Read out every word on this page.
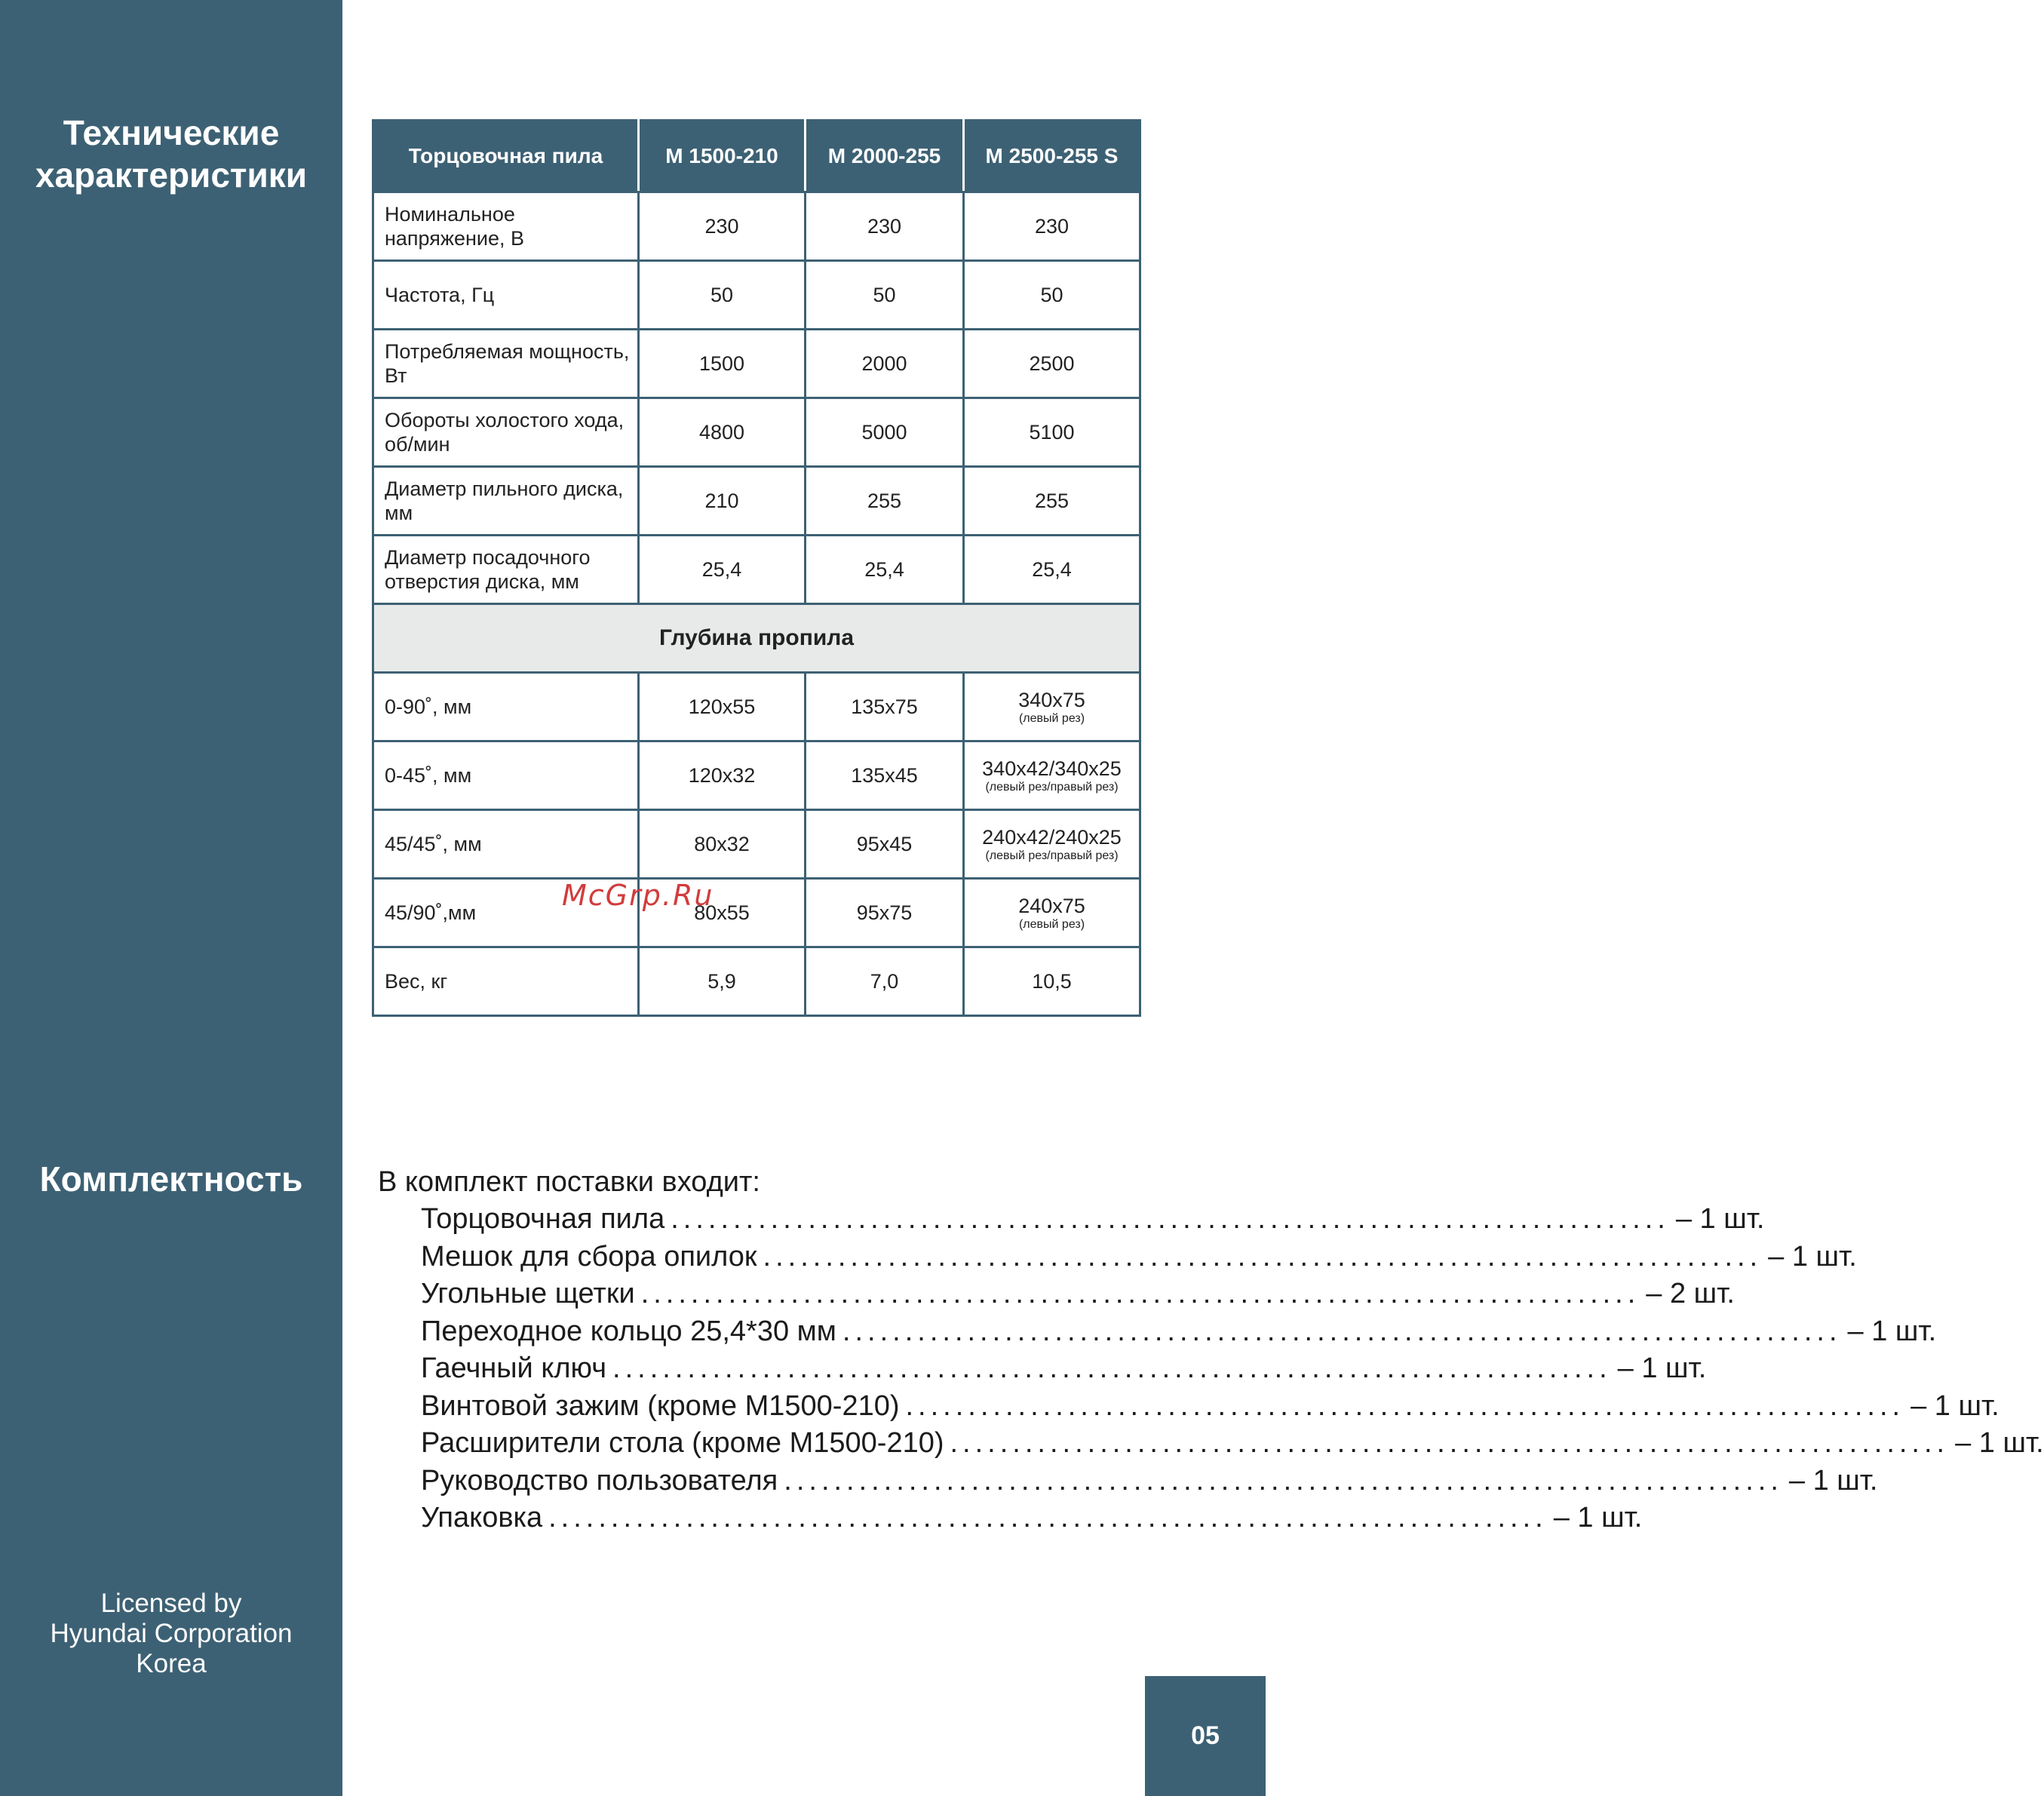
Технические
характеристики
Комплектность
Licensed by
Hyundai Corporation
Korea
Торцовочная пила	M 1500-210	M 2000-255	M 2500-255 S
Номинальное напряжение, В	230	230	230
Частота, Гц	50	50	50
Потребляемая мощность, Вт	1500	2000	2500
Обороты холостого хода, об/мин	4800	5000	5100
Диаметр пильного диска, мм	210	255	255
Диаметр посадочного отверстия диска, мм	25,4	25,4	25,4
Глубина пропила			
0-90˚, мм	120x55	135x75	340x75
(левый рез)

0-45˚, мм	120x32	135x45	340x42/340x25
(левый рез/правый рез)

45/45˚, мм	80x32	95x45	240x42/240x25
(левый рез/правый рез)

45/90˚,мм	80x55	95x75	240x75
(левый рез)

Вес, кг	5,9	7,0	10,5
McGrp.Ru
В комплект поставки входит:
Торцовочная пила ................................................................................ – 1 шт.
Мешок для сбора опилок ................................................................................ – 1 шт.
Угольные щетки ................................................................................ – 2 шт.
Переходное кольцо 25,4*30 мм ................................................................................ – 1 шт.
Гаечный ключ ................................................................................ – 1 шт.
Винтовой зажим (кроме M1500-210) ................................................................................ – 1 шт.
Расширители стола (кроме M1500-210) ................................................................................ – 1 шт.
Руководство пользователя ................................................................................ – 1 шт.
Упаковка ................................................................................ – 1 шт.
05
